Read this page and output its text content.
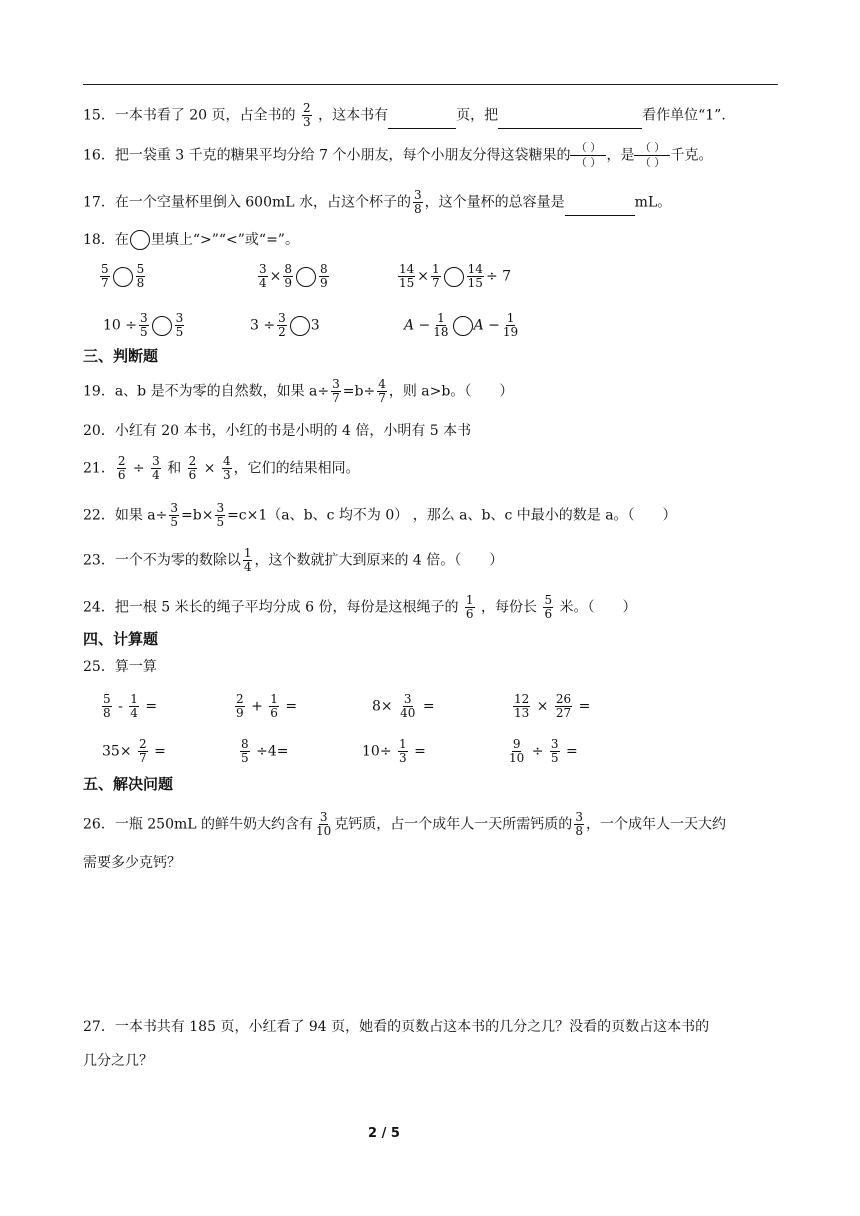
15．一本书看了 20 页，占全书的 $\frac{2}{3}$ ，这本书有	页，把	看作单位“1”.
16．把一袋重 3 千克的糖果平均分给 7 个小朋友，每个小朋友分得这袋糖果的 （ ）
（ ） ，是 （ ）
（ ） 千克。
17．在一个空量杯里倒入 600mL 水，占这个杯子的 $\frac{3}{8}$ ，这个量杯的总容量是	mL。
18．在 里填上“>”“<”或“=”。
$\frac{5}{7} \frac{5}{8}$	$\frac{3}{4} \times \frac{8}{9} \frac{8}{9}$	$\frac{14}{15} \times \frac{1}{7} \frac{14}{15} \div 7$
$10 \div \frac{3}{5} \frac{3}{5}$	$3 \div \frac{3}{2} 3$	$A - \frac{1}{18}$ $A - \frac{1}{19}$
三、判断题
19．a、b 是不为零的自然数，如果 $a\div \frac{3}{7} =b\div \frac{4}{7}$ ，则 a>b。（　　）
20．小红有 20 本书，小红的书是小明的 4 倍，小明有 5 本书
21． $\frac{2}{6} \div \frac{3}{4}$ 和 $\frac{2}{6} \times \frac{4}{3}$ ，它们的结果相同。
22．如果 $a\div \frac{3}{5} =b\times \frac{3}{5} =c\times 1(a$、b、c 均不为 0） ，那么 a、b、c 中最小的数是 a。（　　）
23．一个不为零的数除以 $\frac{1}{4}$ ，这个数就扩大到原来的 4 倍。（　　）
24．把一根 5 米长的绳子平均分成 6 份，每份是这根绳子的 $\frac{1}{6}$ ，每份长 $\frac{5}{6}$ 米。（　　）
四、计算题
25．算一算
$\frac{5}{8} - \frac{1}{4}$ =	$\frac{2}{9} + \frac{1}{6}$ =	$8\times \frac{3}{40}$ =	$\frac{12}{13} \times \frac{26}{27}$ =
$35\times \frac{2}{7}$ =	$\frac{8}{5} \div 4=$	$10\div \frac{1}{3}$ =	$\frac{9}{10} \div \frac{3}{5}$ =
五、解决问题
26．一瓶 250mL 的鲜牛奶大约含有 $\frac{3}{10}$ 克钙质，占一个成年人一天所需钙质的 $\frac{3}{8}$ ，一个成年人一天大约
需要多少克钙？
27．一本书共有 185 页，小红看了 94 页，她看的页数占这本书的几分之几？没看的页数占这本书的
几分之几？
2 / 5
